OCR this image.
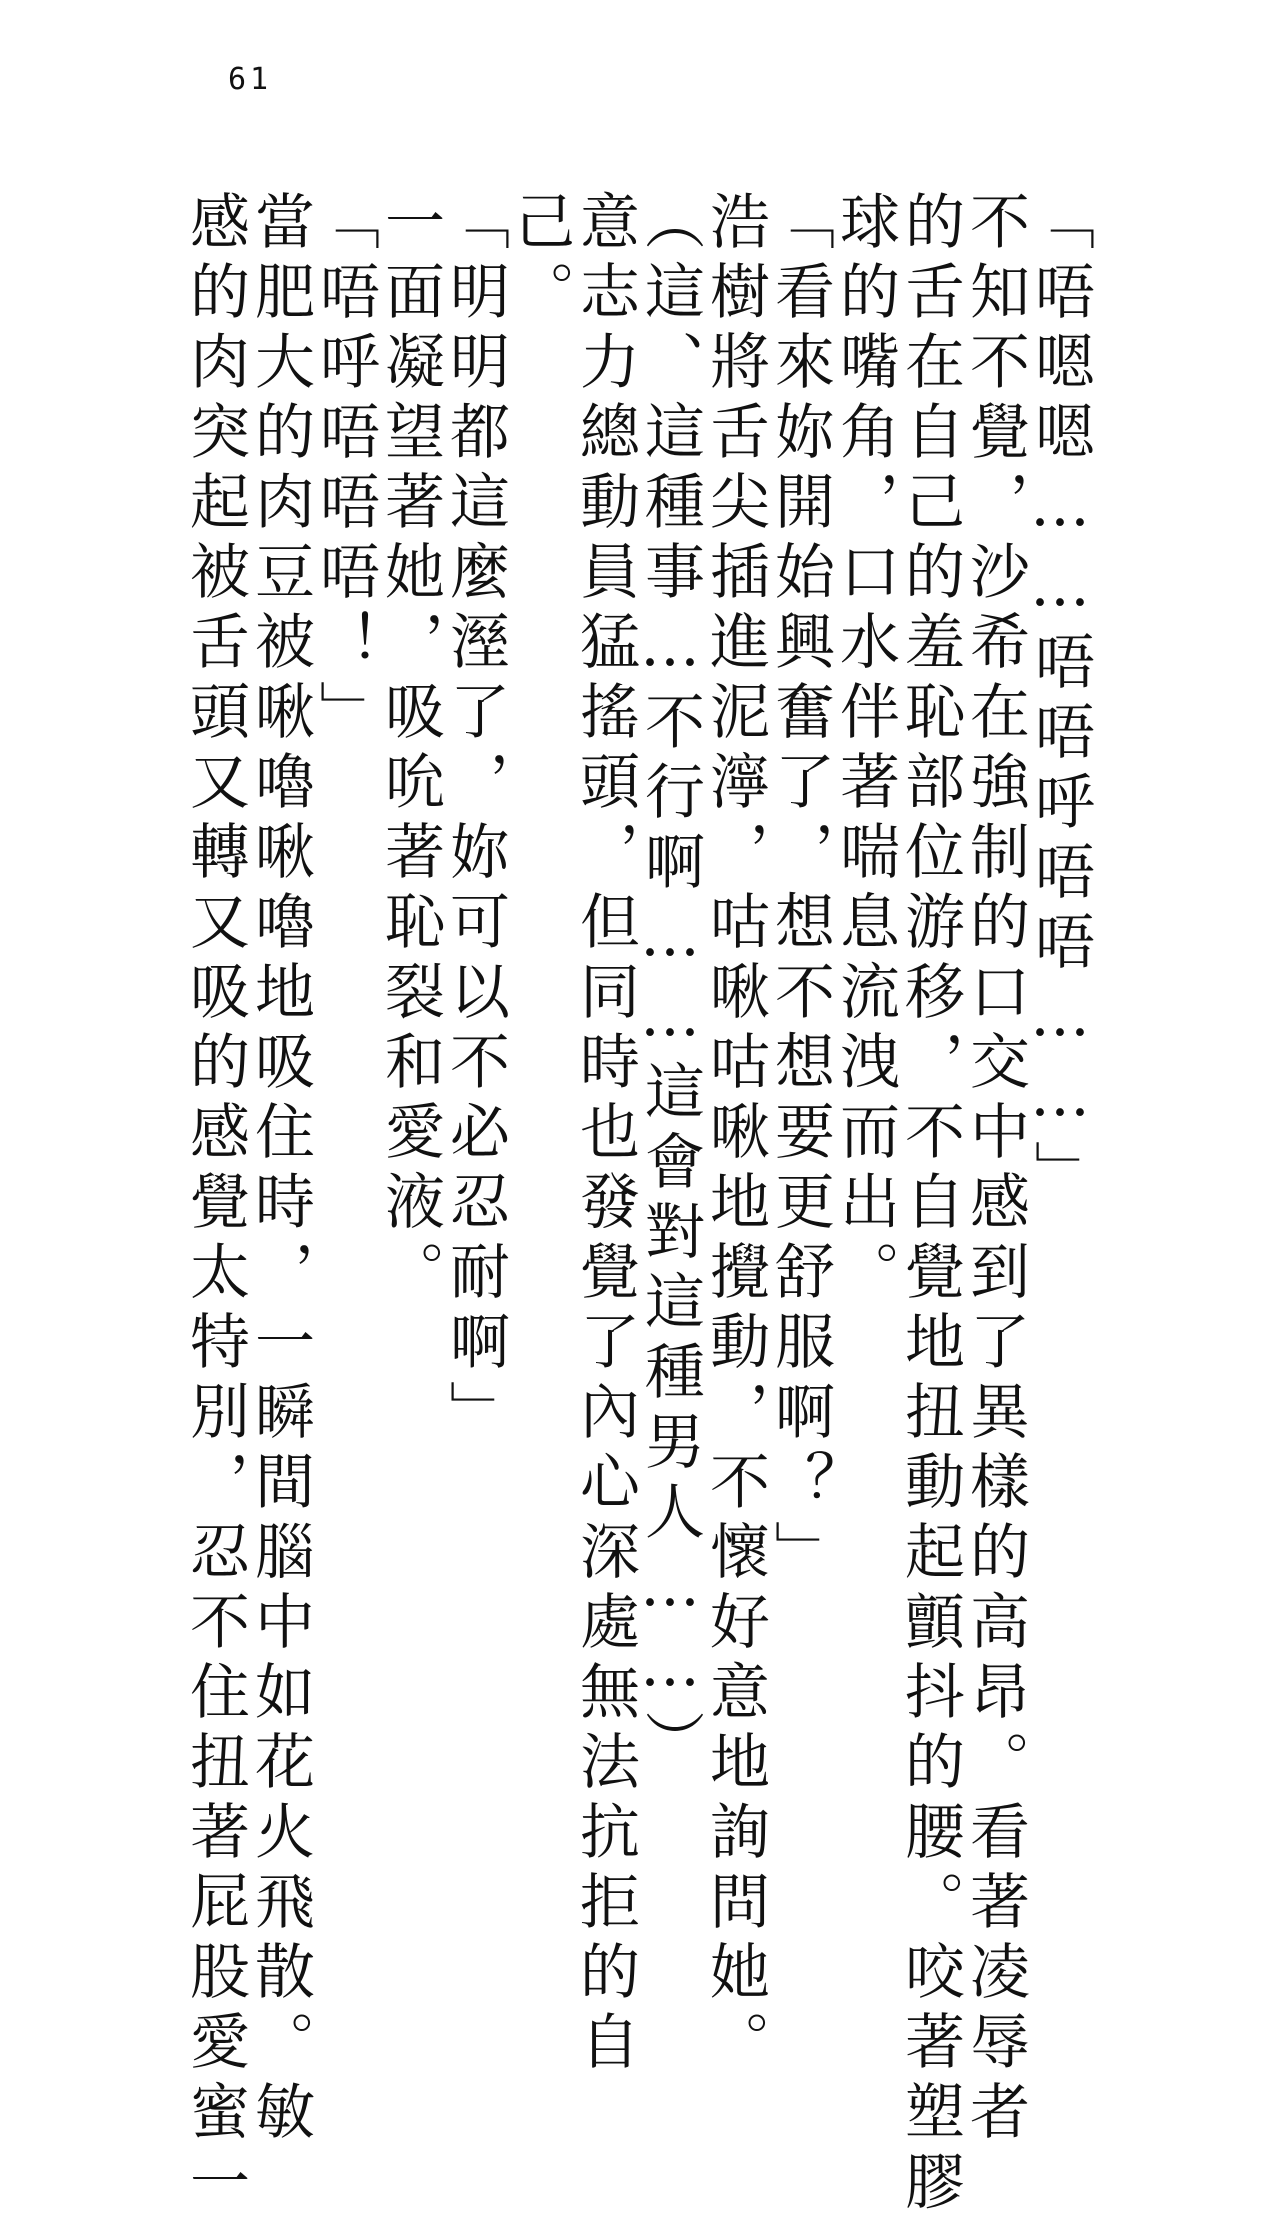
61
「唔嗯嗯……唔唔呼唔唔……」
不知不覺，沙希在強制的口交中感到了異樣的高昂。看著凌辱者
的舌在自己的羞恥部位游移，不自覺地扭動起顫抖的腰。咬著塑膠
球的嘴角，口水伴著喘息流洩而出。
「看來妳開始興奮了，想不想要更舒服啊？」
浩樹將舌尖插進泥濘，咕啾咕啾地攪動，不懷好意地詢問她。
（這、這種事…不行啊……這會對這種男人……）
意志力總動員猛搖頭，但同時也發覺了內心深處無法抗拒的自
己。
「明明都這麼溼了，妳可以不必忍耐啊」
一面凝望著她，吸吮著恥裂和愛液。
「唔呼唔唔唔！」
當肥大的肉豆被啾嚕啾嚕地吸住時，一瞬間腦中如花火飛散。敏
感的肉突起被舌頭又轉又吸的感覺太特別，忍不住扭著屁股愛蜜一
